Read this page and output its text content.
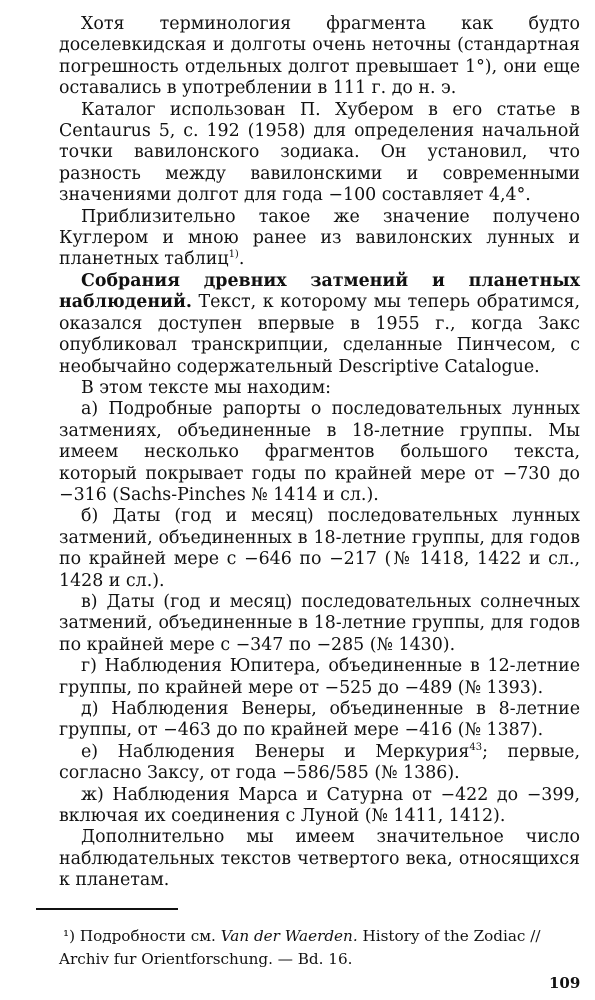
Хотя терминология фрагмента как будто доселевкидская и долготы очень неточны (стандартная погрешность отдельных долгот превышает 1°), они еще оставались в употреблении в 111 г. до н. э.

Каталог использован П. Хубером в его статье в Centaurus 5, с. 192 (1958) для определения начальной точки вавилонского зодиака. Он установил, что разность между вавилонскими и современными значениями долгот для года −100 составляет 4,4°.

Приблизительно такое же значение получено Куглером и мною ранее из вавилонских лунных и планетных таблиц$^{1)}$.

Собрания древних затмений и планетных наблюдений. Текст, к которому мы теперь обратимся, оказался доступен впервые в 1955 г., когда Закс опубликовал транскрипции, сделанные Пинчесом, с необычайно содержательный Descriptive Catalogue.

В этом тексте мы находим:

а) Подробные рапорты о последовательных лунных затмениях, объединенные в 18-летние группы. Мы имеем несколько фрагментов большого текста, который покрывает годы по крайней мере от −730 до −316 (Sachs-Pinches № 1414 и сл.).

б) Даты (год и месяц) последовательных лунных затмений, объединенных в 18-летние группы, для годов по крайней мере с −646 по −217 (№ 1418, 1422 и сл., 1428 и сл.).

в) Даты (год и месяц) последовательных солнечных затмений, объединенные в 18-летние группы, для годов по крайней мере с −347 по −285 (№ 1430).

г) Наблюдения Юпитера, объединенные в 12-летние группы, по крайней мере от −525 до −489 (№ 1393).

д) Наблюдения Венеры, объединенные в 8-летние группы, от −463 до по крайней мере −416 (№ 1387).

е) Наблюдения Венеры и Меркурия$^{43}$; первые, согласно Заксу, от года −586/585 (№ 1386).

ж) Наблюдения Марса и Сатурна от −422 до −399, включая их соединения с Луной (№ 1411, 1412).

Дополнительно мы имеем значительное число наблюдательных текстов четвертого века, относящихся к планетам.

¹) Подробности см. Van der Waerden. History of the Zodiac // Archiv fur Orientforschung. — Bd. 16.

109
